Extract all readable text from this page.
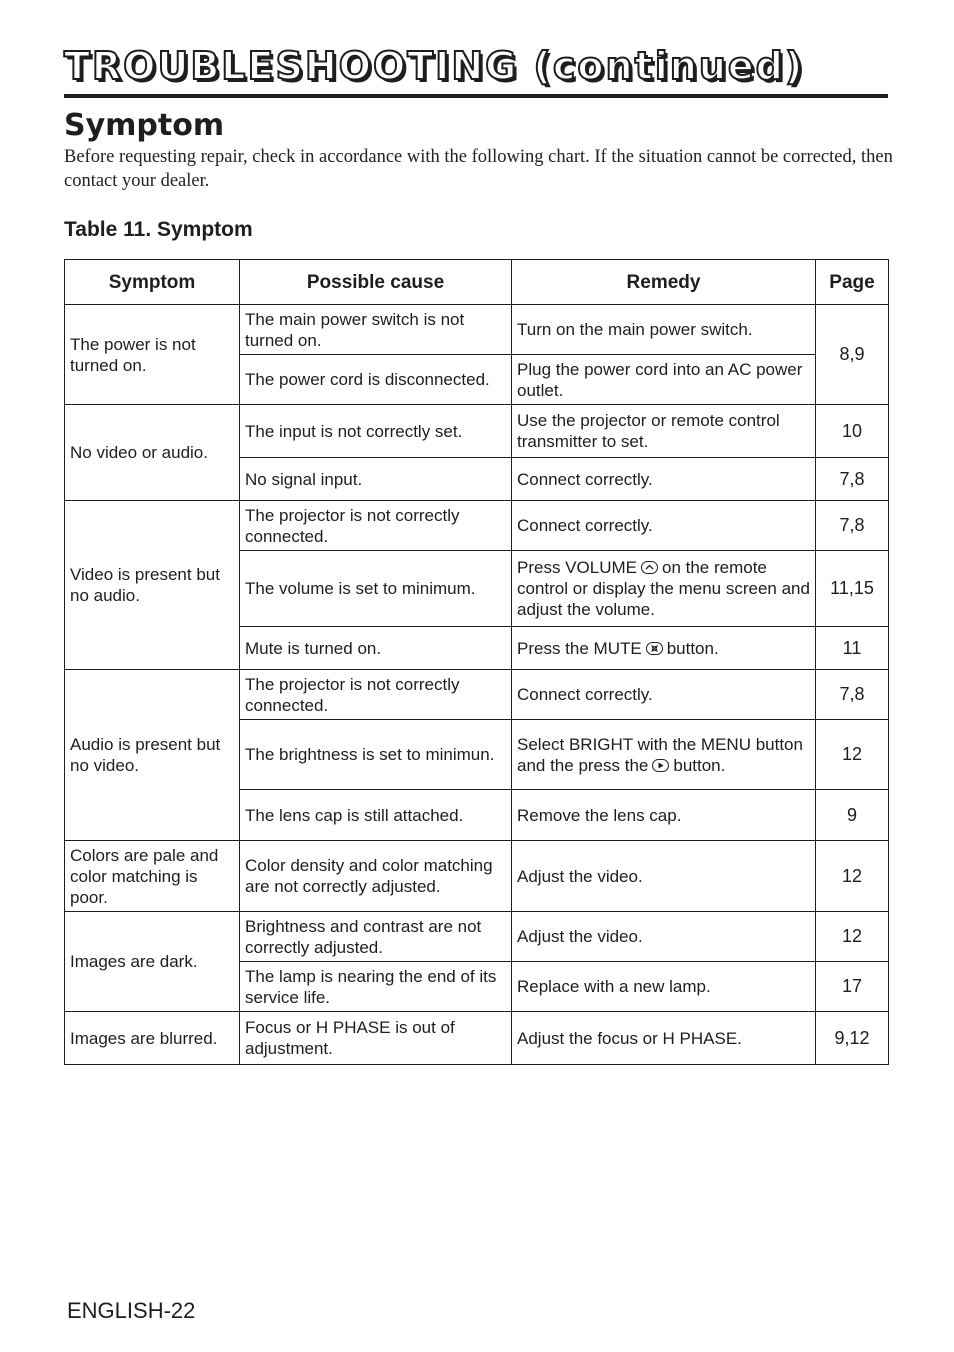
TROUBLESHOOTING (continued)
Symptom

Before requesting repair, check in accordance with the following chart. If the situation cannot be corrected, then contact your dealer.

Table 11. Symptom
Symptom	Possible cause	Remedy	Page
The power is not turned on.	The main power switch is not turned on.	Turn on the main power switch.	8,9
	The power cord is disconnected.	Plug the power cord into an AC power outlet.	
No video or audio.	The input is not correctly set.	Use the projector or remote control transmitter to set.	10
	No signal input.	Connect correctly.	7,8
Video is present but no audio.	The projector is not correctly connected.	Connect correctly.	7,8
	The volume is set to minimum.	Press VOLUME on the remote control or display the menu screen and adjust the volume.	11,15
	Mute is turned on.	Press the MUTE button.	11
Audio is present but no video.	The projector is not correctly connected.	Connect correctly.	7,8
	The brightness is set to minimun.	Select BRIGHT with the MENU button and the press the button.	12
	The lens cap is still attached.	Remove the lens cap.	9
Colors are pale and color matching is poor.	Color density and color matching are not correctly adjusted.	Adjust the video.	12
Images are dark.	Brightness and contrast are not correctly adjusted.	Adjust the video.	12
	The lamp is nearing the end of its service life.	Replace with a new lamp.	17
Images are blurred.	Focus or H PHASE is out of adjustment.	Adjust the focus or H PHASE.	9,12

ENGLISH-22
